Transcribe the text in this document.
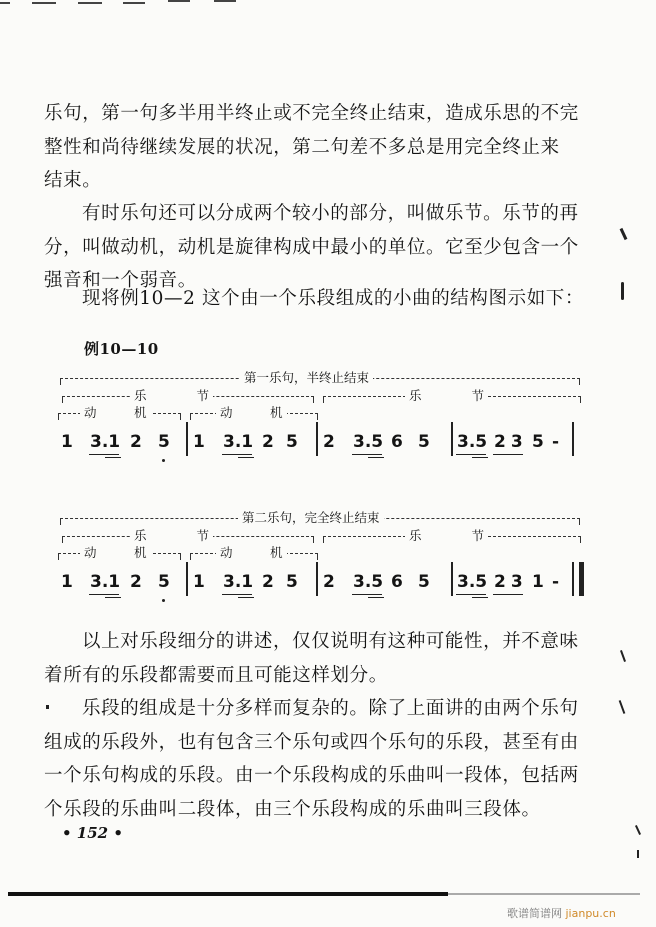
乐句，第一句多半用半终止或不完全终止结束，造成乐思的不完
整性和尚待继续发展的状况，第二句差不多总是用完全终止来
结束。
有时乐句还可以分成两个较小的部分，叫做乐节。乐节的再
分，叫做动机，动机是旋律构成中最小的单位。它至少包含一个
强音和一个弱音。
现将例10—2 这个由一个乐段组成的小曲的结构图示如下：
例10—10
第一乐句，半终止结束
乐　　　　节	乐　　　　节
动　　　机	动　　　机
1 3.1 2 5 1 3.1 2 5 2 3.5 6 5 3.5 23 5 -
第二乐句，完全终止结束
乐　　　　节	乐　　　　节
动　　　机	动　　　机
1 3.1 2 5 1 3.1 2 5 2 3.5 6 5 3.5 23 1 -
以上对乐段细分的讲述，仅仅说明有这种可能性，并不意味
着所有的乐段都需要而且可能这样划分。
乐段的组成是十分多样而复杂的。除了上面讲的由两个乐句
组成的乐段外，也有包含三个乐句或四个乐句的乐段，甚至有由
一个乐句构成的乐段。由一个乐段构成的乐曲叫一段体，包括两
个乐段的乐曲叫二段体，由三个乐段构成的乐曲叫三段体。
• 152 •
歌谱简谱网 jianpu.cn
